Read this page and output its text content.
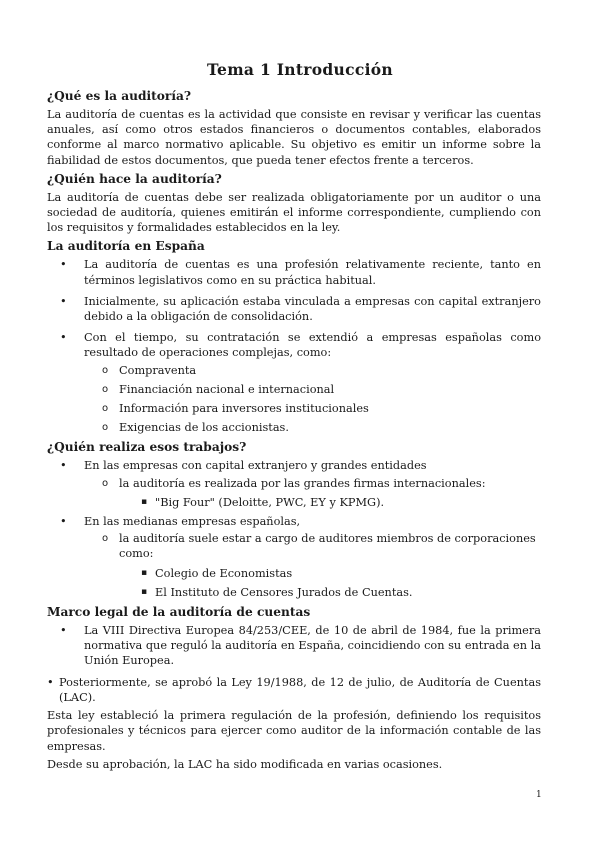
Tema 1 Introducción
¿Qué es la auditoría?

La auditoría de cuentas es la actividad que consiste en revisar y verificar las cuentas anuales, así como otros estados financieros o documentos contables, elaborados conforme al marco normativo aplicable. Su objetivo es emitir un informe sobre la fiabilidad de estos documentos, que pueda tener efectos frente a terceros.

¿Quién hace la auditoría?

La auditoría de cuentas debe ser realizada obligatoriamente por un auditor o una sociedad de auditoría, quienes emitirán el informe correspondiente, cumpliendo con los requisitos y formalidades establecidos en la ley.

La auditoría en España
• La auditoría de cuentas es una profesión relativamente reciente, tanto en términos legislativos como en su práctica habitual.
• Inicialmente, su aplicación estaba vinculada a empresas con capital extranjero debido a la obligación de consolidación.
• Con el tiempo, su contratación se extendió a empresas españolas como resultado de operaciones complejas, como:
o Compraventa
o Financiación nacional e internacional
o Información para inversores institucionales
o Exigencias de los accionistas.
¿Quién realiza esos trabajos?
• En las empresas con capital extranjero y grandes entidades
o la auditoría es realizada por las grandes firmas internacionales:
▪ "Big Four" (Deloitte, PWC, EY y KPMG).
• En las medianas empresas españolas,
o la auditoría suele estar a cargo de auditores miembros de corporaciones como:
▪ Colegio de Economistas
▪ El Instituto de Censores Jurados de Cuentas.
Marco legal de la auditoría de cuentas
• La VIII Directiva Europea 84/253/CEE, de 10 de abril de 1984, fue la primera normativa que reguló la auditoría en España, coincidiendo con su entrada en la Unión Europea.

• Posteriormente, se aprobó la Ley 19/1988, de 12 de julio, de Auditoría de Cuentas (LAC).

Esta ley estableció la primera regulación de la profesión, definiendo los requisitos profesionales y técnicos para ejercer como auditor de la información contable de las empresas.

Desde su aprobación, la LAC ha sido modificada en varias ocasiones.

1
